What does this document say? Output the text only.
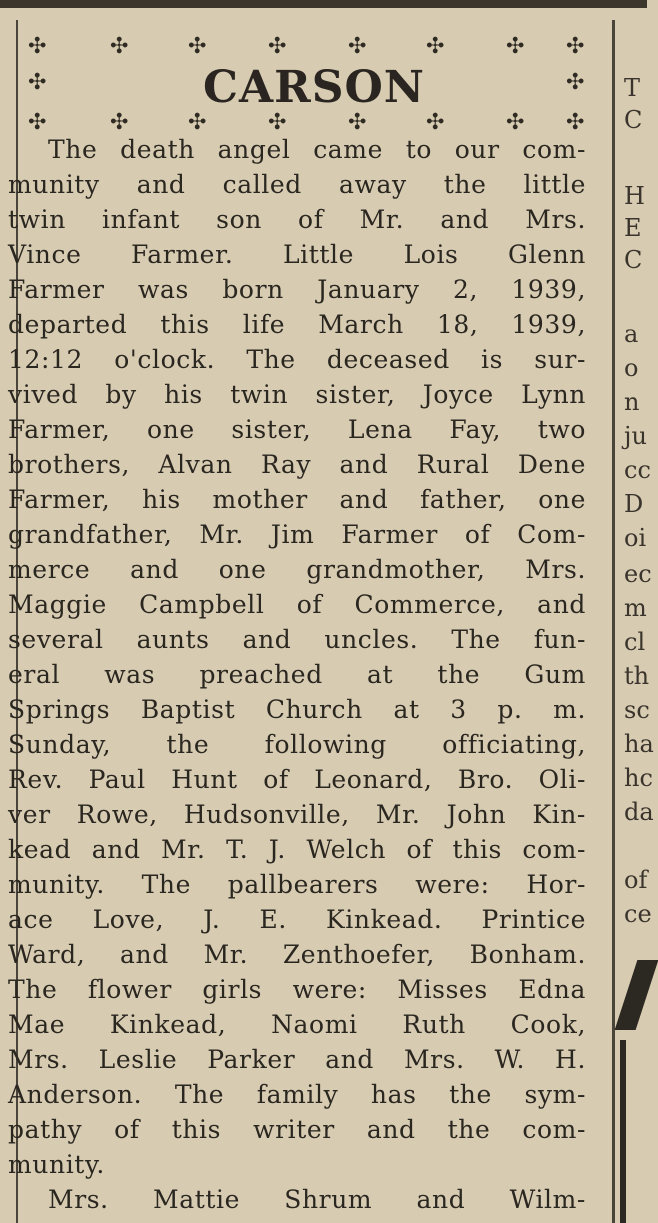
✣	✣	✣	✣	✣	✣	✣ ✣
✣	✣
✣	✣	✣	✣	✣	✣	✣ ✣
CARSON
The death angel came to our com-
munity and called away the little
twin infant son of Mr. and Mrs.
Vince Farmer. Little Lois Glenn
Farmer was born January 2, 1939,
departed this life March 18, 1939,
12:12 o'clock. The deceased is sur-
vived by his twin sister, Joyce Lynn
Farmer, one sister, Lena Fay, two
brothers, Alvan Ray and Rural Dene
Farmer, his mother and father, one
grandfather, Mr. Jim Farmer of Com-
merce and one grandmother, Mrs.
Maggie Campbell of Commerce, and
several aunts and uncles. The fun-
eral was preached at the Gum
Springs Baptist Church at 3 p. m.
Sunday, the following officiating,
Rev. Paul Hunt of Leonard, Bro. Oli-
ver Rowe, Hudsonville, Mr. John Kin-
kead and Mr. T. J. Welch of this com-
munity. The pallbearers were: Hor-
ace Love, J. E. Kinkead. Printice
Ward, and Mr. Zenthoefer, Bonham.
The flower girls were: Misses Edna
Mae Kinkead, Naomi Ruth Cook,
Mrs. Leslie Parker and Mrs. W. H.
Anderson. The family has the sym-
pathy of this writer and the com-
munity.
Mrs. Mattie Shrum and Wilm-
T
C
H
E
C
a
o
n
ju
cc
D
oi
ec
m
cl
th
sc
ha
hc
da
of
ce
